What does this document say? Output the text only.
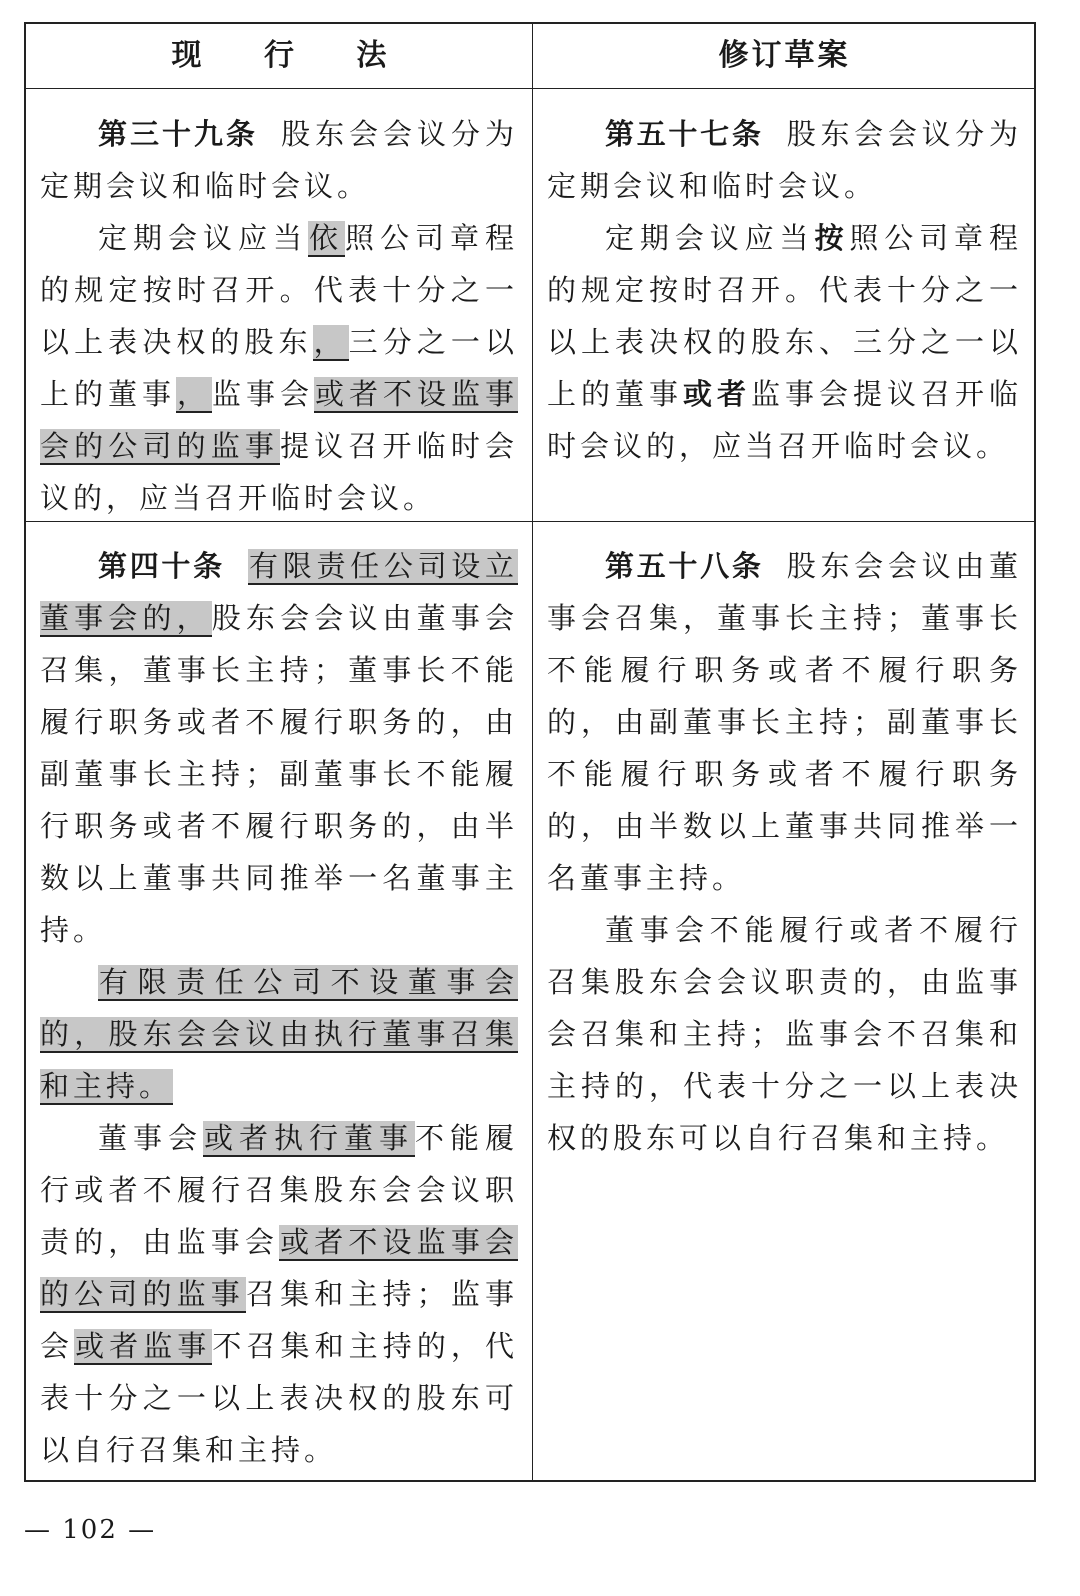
现 行 法	修订草案

第三十九条 股东会会议分为定期会议和临时会议。

定期会议应当依照公司章程的规定按时召开。代表十分之一以上表决权的股东，三分之一以上的董事，监事会或者不设监事会的公司的监事提议召开临时会议的，应当召开临时会议。

第五十七条 股东会会议分为定期会议和临时会议。

定期会议应当按照公司章程的规定按时召开。代表十分之一以上表决权的股东、三分之一以上的董事或者监事会提议召开临时会议的，应当召开临时会议。

第四十条 有限责任公司设立董事会的，股东会会议由董事会召集，董事长主持；董事长不能履行职务或者不履行职务的，由副董事长主持；副董事长不能履行职务或者不履行职务的，由半数以上董事共同推举一名董事主持。

有限责任公司不设董事会的，股东会会议由执行董事召集和主持。

董事会或者执行董事不能履行或者不履行召集股东会会议职责的，由监事会或者不设监事会的公司的监事召集和主持；监事会或者监事不召集和主持的，代表十分之一以上表决权的股东可以自行召集和主持。

第五十八条 股东会会议由董事会召集，董事长主持；董事长不能履行职务或者不履行职务的，由副董事长主持；副董事长不能履行职务或者不履行职务的，由半数以上董事共同推举一名董事主持。

董事会不能履行或者不履行召集股东会会议职责的，由监事会召集和主持；监事会不召集和主持的，代表十分之一以上表决权的股东可以自行召集和主持。

— 102 —
